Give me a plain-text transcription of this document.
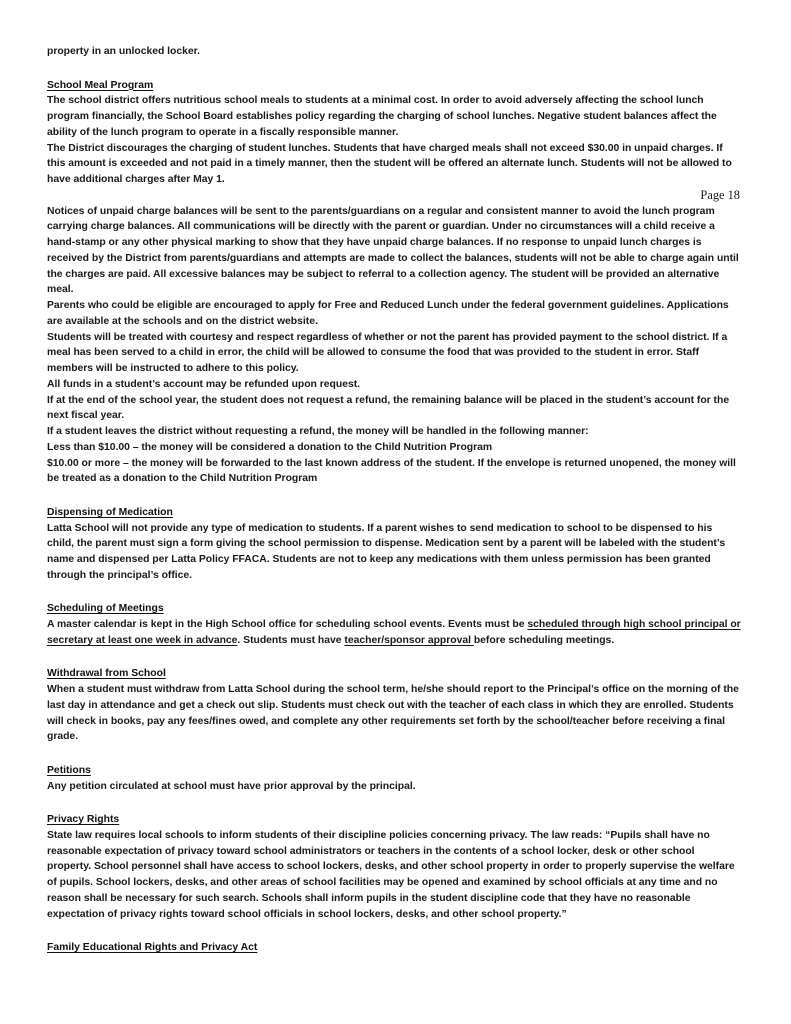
property in an unlocked locker.

School Meal Program

The school district offers nutritious school meals to students at a minimal cost. In order to avoid adversely affecting the school lunch program financially, the School Board establishes policy regarding the charging of school lunches. Negative student balances affect the ability of the lunch program to operate in a fiscally responsible manner.

The District discourages the charging of student lunches. Students that have charged meals shall not exceed $30.00 in unpaid charges. If this amount is exceeded and not paid in a timely manner, then the student will be offered an alternate lunch. Students will not be allowed to have additional charges after May 1.

Page 18

Notices of unpaid charge balances will be sent to the parents/guardians on a regular and consistent manner to avoid the lunch program carrying charge balances. All communications will be directly with the parent or guardian. Under no circumstances will a child receive a hand-stamp or any other physical marking to show that they have unpaid charge balances. If no response to unpaid lunch charges is received by the District from parents/guardians and attempts are made to collect the balances, students will not be able to charge again until the charges are paid. All excessive balances may be subject to referral to a collection agency. The student will be provided an alternative meal.

Parents who could be eligible are encouraged to apply for Free and Reduced Lunch under the federal government guidelines. Applications are available at the schools and on the district website.

Students will be treated with courtesy and respect regardless of whether or not the parent has provided payment to the school district. If a meal has been served to a child in error, the child will be allowed to consume the food that was provided to the student in error. Staff members will be instructed to adhere to this policy.

All funds in a student’s account may be refunded upon request.

If at the end of the school year, the student does not request a refund, the remaining balance will be placed in the student’s account for the next fiscal year.

If a student leaves the district without requesting a refund, the money will be handled in the following manner:

Less than $10.00 – the money will be considered a donation to the Child Nutrition Program

$10.00 or more – the money will be forwarded to the last known address of the student. If the envelope is returned unopened, the money will be treated as a donation to the Child Nutrition Program

Dispensing of Medication

Latta School will not provide any type of medication to students. If a parent wishes to send medication to school to be dispensed to his child, the parent must sign a form giving the school permission to dispense. Medication sent by a parent will be labeled with the student’s name and dispensed per Latta Policy FFACA. Students are not to keep any medications with them unless permission has been granted through the principal’s office.

Scheduling of Meetings

A master calendar is kept in the High School office for scheduling school events. Events must be scheduled through high school principal or secretary at least one week in advance. Students must have teacher/sponsor approval before scheduling meetings.

Withdrawal from School

When a student must withdraw from Latta School during the school term, he/she should report to the Principal’s office on the morning of the last day in attendance and get a check out slip. Students must check out with the teacher of each class in which they are enrolled. Students will check in books, pay any fees/fines owed, and complete any other requirements set forth by the school/teacher before receiving a final grade.

Petitions

Any petition circulated at school must have prior approval by the principal.

Privacy Rights

State law requires local schools to inform students of their discipline policies concerning privacy. The law reads: “Pupils shall have no reasonable expectation of privacy toward school administrators or teachers in the contents of a school locker, desk or other school property. School personnel shall have access to school lockers, desks, and other school property in order to properly supervise the welfare of pupils. School lockers, desks, and other areas of school facilities may be opened and examined by school officials at any time and no reason shall be necessary for such search. Schools shall inform pupils in the student discipline code that they have no reasonable expectation of privacy rights toward school officials in school lockers, desks, and other school property.”

Family Educational Rights and Privacy Act
